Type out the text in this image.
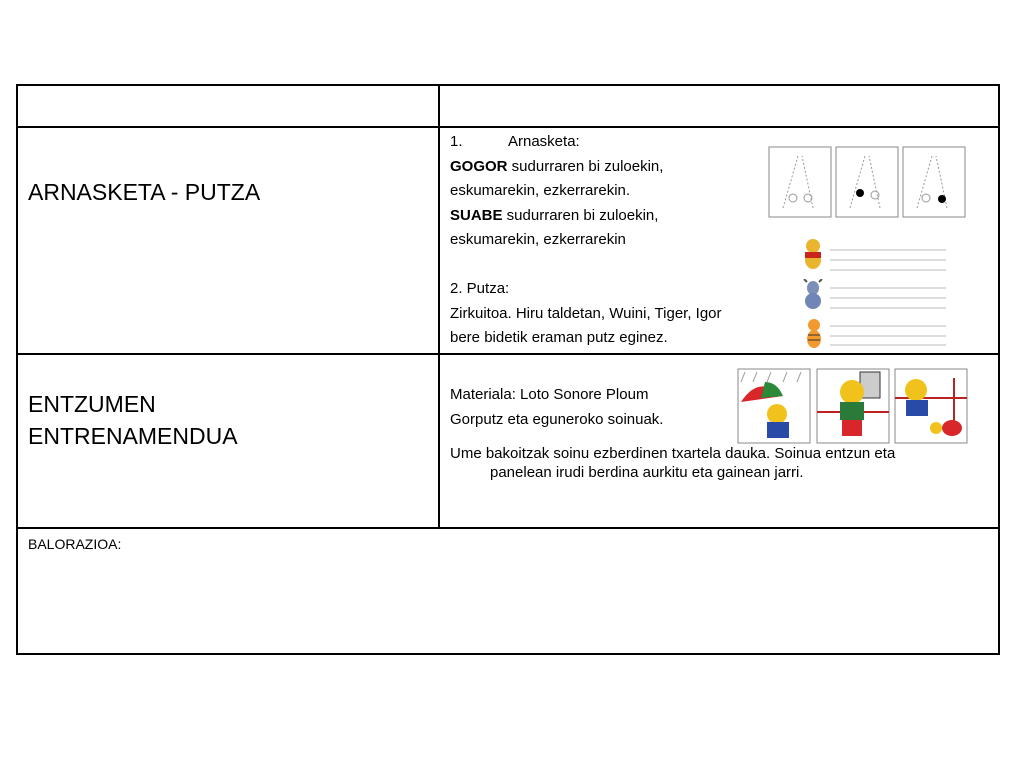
ARNASKETA - PUTZA
1.	Arnasketa:
GOGOR sudurraren bi zuloekin,
eskumarekin, ezkerrarekin.
SUABE sudurraren bi zuloekin,
eskumarekin, ezkerrarekin
2. Putza:
Zirkuitoa. Hiru taldetan, Wuini, Tiger, Igor
bere bidetik eraman putz eginez.
ENTZUMEN
ENTRENAMENDUA
Materiala: Loto Sonore Ploum
Gorputz eta eguneroko soinuak.
Ume bakoitzak soinu ezberdinen txartela dauka. Soinua entzun eta
panelean irudi berdina aurkitu eta gainean jarri.
BALORAZIOA:
